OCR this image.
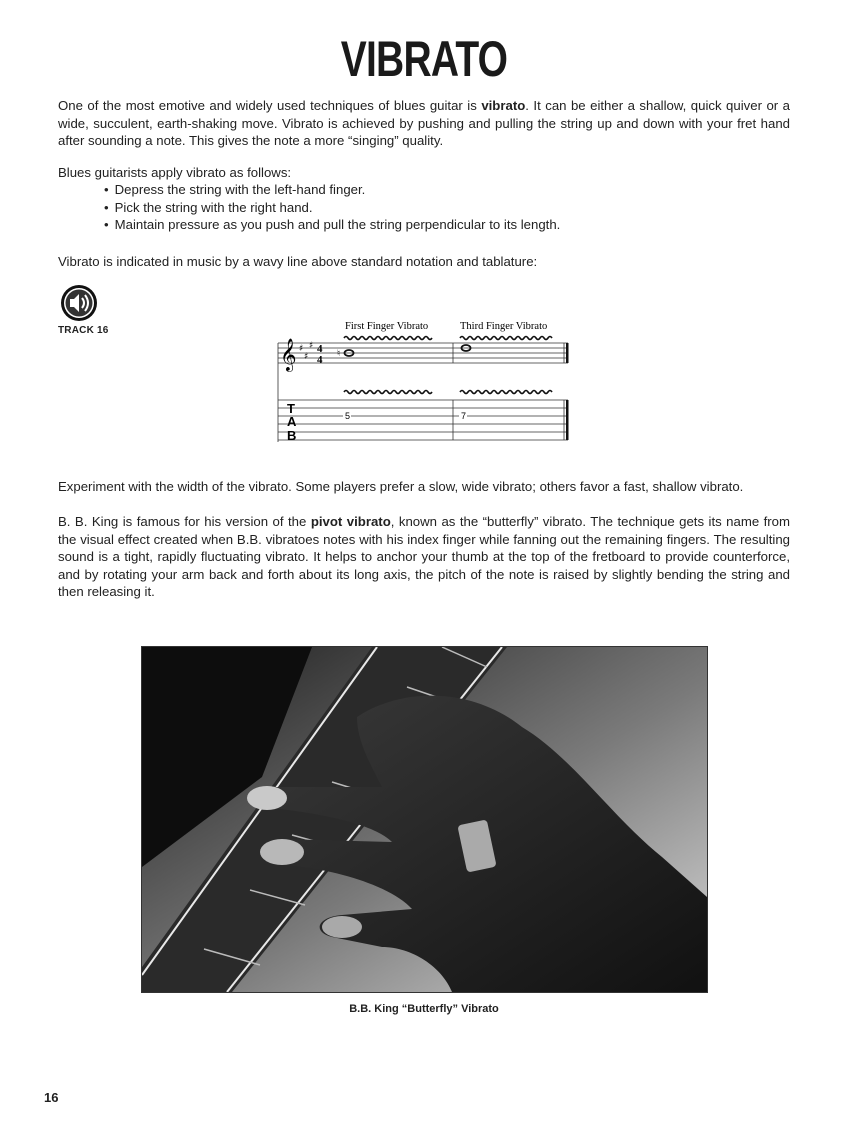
VIBRATO

One of the most emotive and widely used techniques of blues guitar is vibrato. It can be either a shallow, quick quiver or a wide, succulent, earth-shaking move. Vibrato is achieved by pushing and pulling the string up and down with your fret hand after sounding a note. This gives the note a more “singing” quality.

Blues guitarists apply vibrato as follows:

• Depress the string with the left-hand finger.
• Pick the string with the right hand.
• Maintain pressure as you push and pull the string perpendicular to its length.

Vibrato is indicated in music by a wavy line above standard notation and tablature:

TRACK 16	First Finger Vibrato	Third Finger Vibrato
𝄞 ♯
♯
♯ 4
4 ♮
T
A
B
5	7

Experiment with the width of the vibrato. Some players prefer a slow, wide vibrato; others favor a fast, shallow vibrato.

B. B. King is famous for his version of the pivot vibrato, known as the “butterfly” vibrato. The technique gets its name from the visual effect created when B.B. vibratoes notes with his index finger while fanning out the remaining fingers. The resulting sound is a tight, rapidly fluctuating vibrato. It helps to anchor your thumb at the top of the fretboard to provide counterforce, and by rotating your arm back and forth about its long axis, the pitch of the note is raised by slightly bending the string and then releasing it.

B.B. King “Butterfly” Vibrato
16
